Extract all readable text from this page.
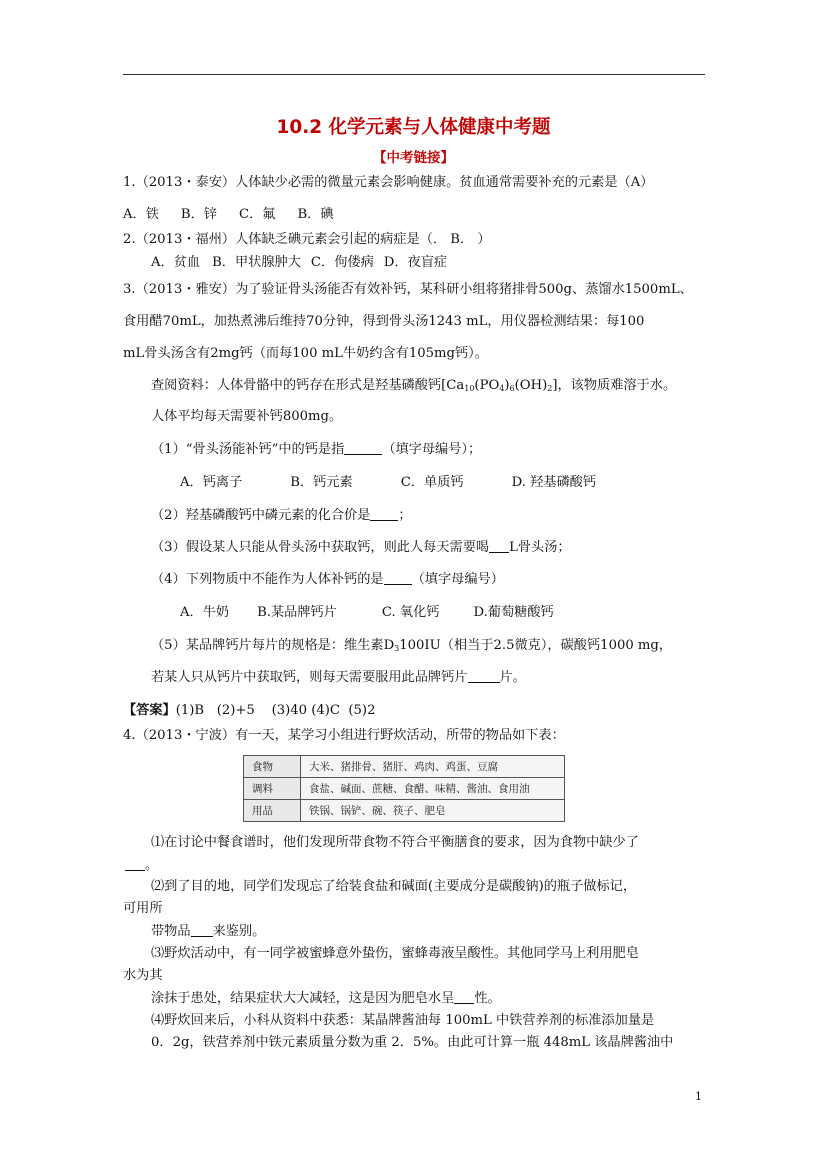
10.2 化学元素与人体健康中考题
【中考链接】
1.（2013・泰安）人体缺少必需的微量元素会影响健康。贫血通常需要补充的元素是（A）
A．铁 B．锌 C．氟 B．碘
2.（2013・福州）人体缺乏碘元素会引起的病症是（． B． ）
A．贫血 B．甲状腺肿大 C．佝偻病 D．夜盲症
3.（2013・雅安）为了验证骨头汤能否有效补钙，某科研小组将猪排骨500g、蒸馏水1500mL、
食用醋70mL，加热煮沸后维持70分钟，得到骨头汤1243 mL，用仪器检测结果：每100
mL骨头汤含有2mg钙（而每100 mL牛奶约含有105mg钙）。
查阅资料：人体骨骼中的钙存在形式是羟基磷酸钙$[Ca_{10}(PO_4)_6(OH)_2]$，该物质难溶于水。
人体平均每天需要补钙800mg。
（1）“骨头汤能补钙”中的钙是指	（填字母编号）；
A．钙离子	B．钙元素	C．单质钙	D. 羟基磷酸钙
（2）羟基磷酸钙中磷元素的化合价是 ；
（3）假设某人只能从骨头汤中获取钙，则此人每天需要喝 L骨头汤；
（4）下列物质中不能作为人体补钙的是 （填字母编号）
A．牛奶 B.某品牌钙片	C. 氧化钙	D.葡萄糖酸钙
（5）某品牌钙片每片的规格是：维生素$D_3100IU$（相当于2.5微克），碳酸钙1000 mg，
若某人只从钙片中获取钙，则每天需要服用此品牌钙片 片。
【答案】(1)B   (2)+5    (3)40 (4)C  (5)2
4.（2013・宁波）有一天，某学习小组进行野炊活动，所带的物品如下表：
食物	大米、猪排骨、猪肝、鸡肉、鸡蛋、豆腐
调料	食盐、碱面、蔗糖、食醋、味精、酱油、食用油
用品	铁锅、锅铲、碗、筷子、肥皂
⑴在讨论中餐食谱时，他们发现所带食物不符合平衡膳食的要求，因为食物中缺少了
。
⑵到了目的地，同学们发现忘了给装食盐和碱面(主要成分是碳酸钠)的瓶子做标记，
可用所
带物品 来鉴别。
⑶野炊活动中，有一同学被蜜蜂意外蛰伤，蜜蜂毒液呈酸性。其他同学马上利用肥皂
水为其
涂抹于患处，结果症状大大减轻，这是因为肥皂水呈 性。
⑷野炊回来后，小科从资料中获悉：某晶牌酱油每 100mL 中铁营养剂的标准添加量是
0．2g，铁营养剂中铁元素质量分数为重 2．5%。由此可计算一瓶 448mL 该晶牌酱油中
1
